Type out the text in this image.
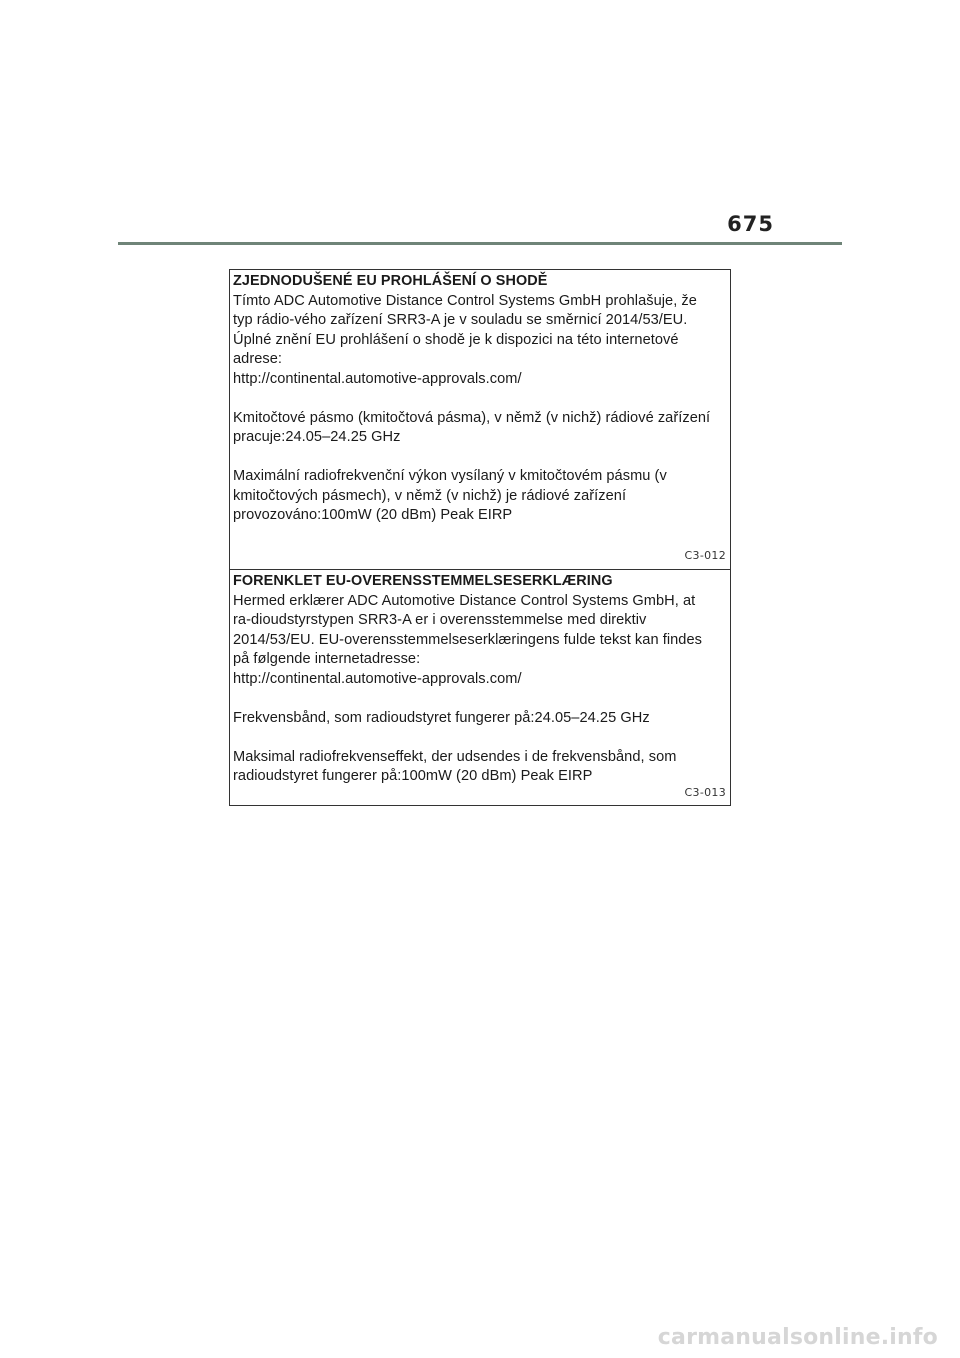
675
ZJEDNODUŠENÉ EU PROHLÁŠENÍ O SHODĚ
Tímto ADC Automotive Distance Control Systems GmbH prohlašuje, že
typ rádio-vého zařízení SRR3-A je v souladu se směrnicí 2014/53/EU.
Úplné znění EU prohlášení o shodě je k dispozici na této internetové
adrese:
http://continental.automotive-approvals.com/
Kmitočtové pásmo (kmitočtová pásma), v němž (v nichž) rádiové zařízení
pracuje:24.05–24.25 GHz
Maximální radiofrekvenční výkon vysílaný v kmitočtovém pásmu (v
kmitočtových pásmech), v němž (v nichž) je rádiové zařízení
provozováno:100mW (20 dBm) Peak EIRP
C3-012
FORENKLET EU-OVERENSSTEMMELSESERKLÆRING
Hermed erklærer ADC Automotive Distance Control Systems GmbH, at
ra-dioudstyrstypen SRR3-A er i overensstemmelse med direktiv
2014/53/EU. EU-overensstemmelseserklæringens fulde tekst kan findes
på følgende internetadresse:
http://continental.automotive-approvals.com/
Frekvensbånd, som radioudstyret fungerer på:24.05–24.25 GHz
Maksimal radiofrekvenseffekt, der udsendes i de frekvensbånd, som
radioudstyret fungerer på:100mW (20 dBm) Peak EIRP
C3-013
carmanualsonline.info
